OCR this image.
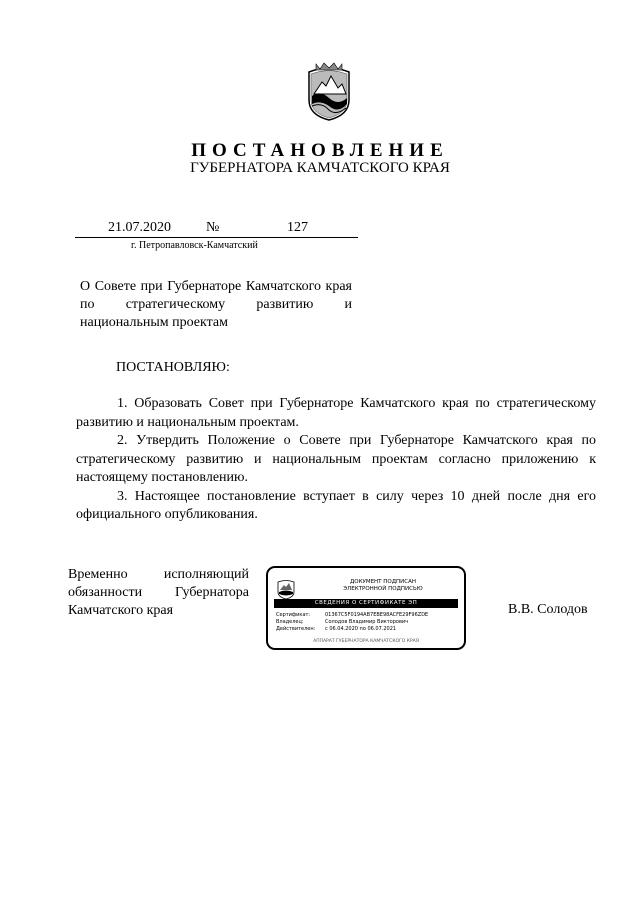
ПОСТАНОВЛЕНИЕ
ГУБЕРНАТОРА КАМЧАТСКОГО КРАЯ
21.07.2020	№	127
г. Петропавловск-Камчатский
О Совете при Губернаторе Камчатского края по стратегическому развитию и национальным проектам
ПОСТАНОВЛЯЮ:

1. Образовать Совет при Губернаторе Камчатского края по стратегическому развитию и национальным проектам.

2. Утвердить Положение о Совете при Губернаторе Камчатского края по стратегическому развитию и национальным проектам согласно приложению к настоящему постановлению.

3. Настоящее постановление вступает в силу через 10 дней после дня его официального опубликования.

Временно исполняющий
обязанности Губернатора
Камчатского края
ДОКУМЕНТ ПОДПИСАН
ЭЛЕКТРОННОЙ ПОДПИСЬЮ
СВЕДЕНИЯ О СЕРТИФИКАТЕ ЭП
Сертификат:	01367C5F0194AB7EBE98ACFE29F96ZDE
Владелец:	Солодов Владимир Викторович
Действителен:	с 06.04.2020 по 06.07.2021
АППАРАТ ГУБЕРНАТОРА КАМЧАТСКОГО КРАЯ
В.В. Солодов
